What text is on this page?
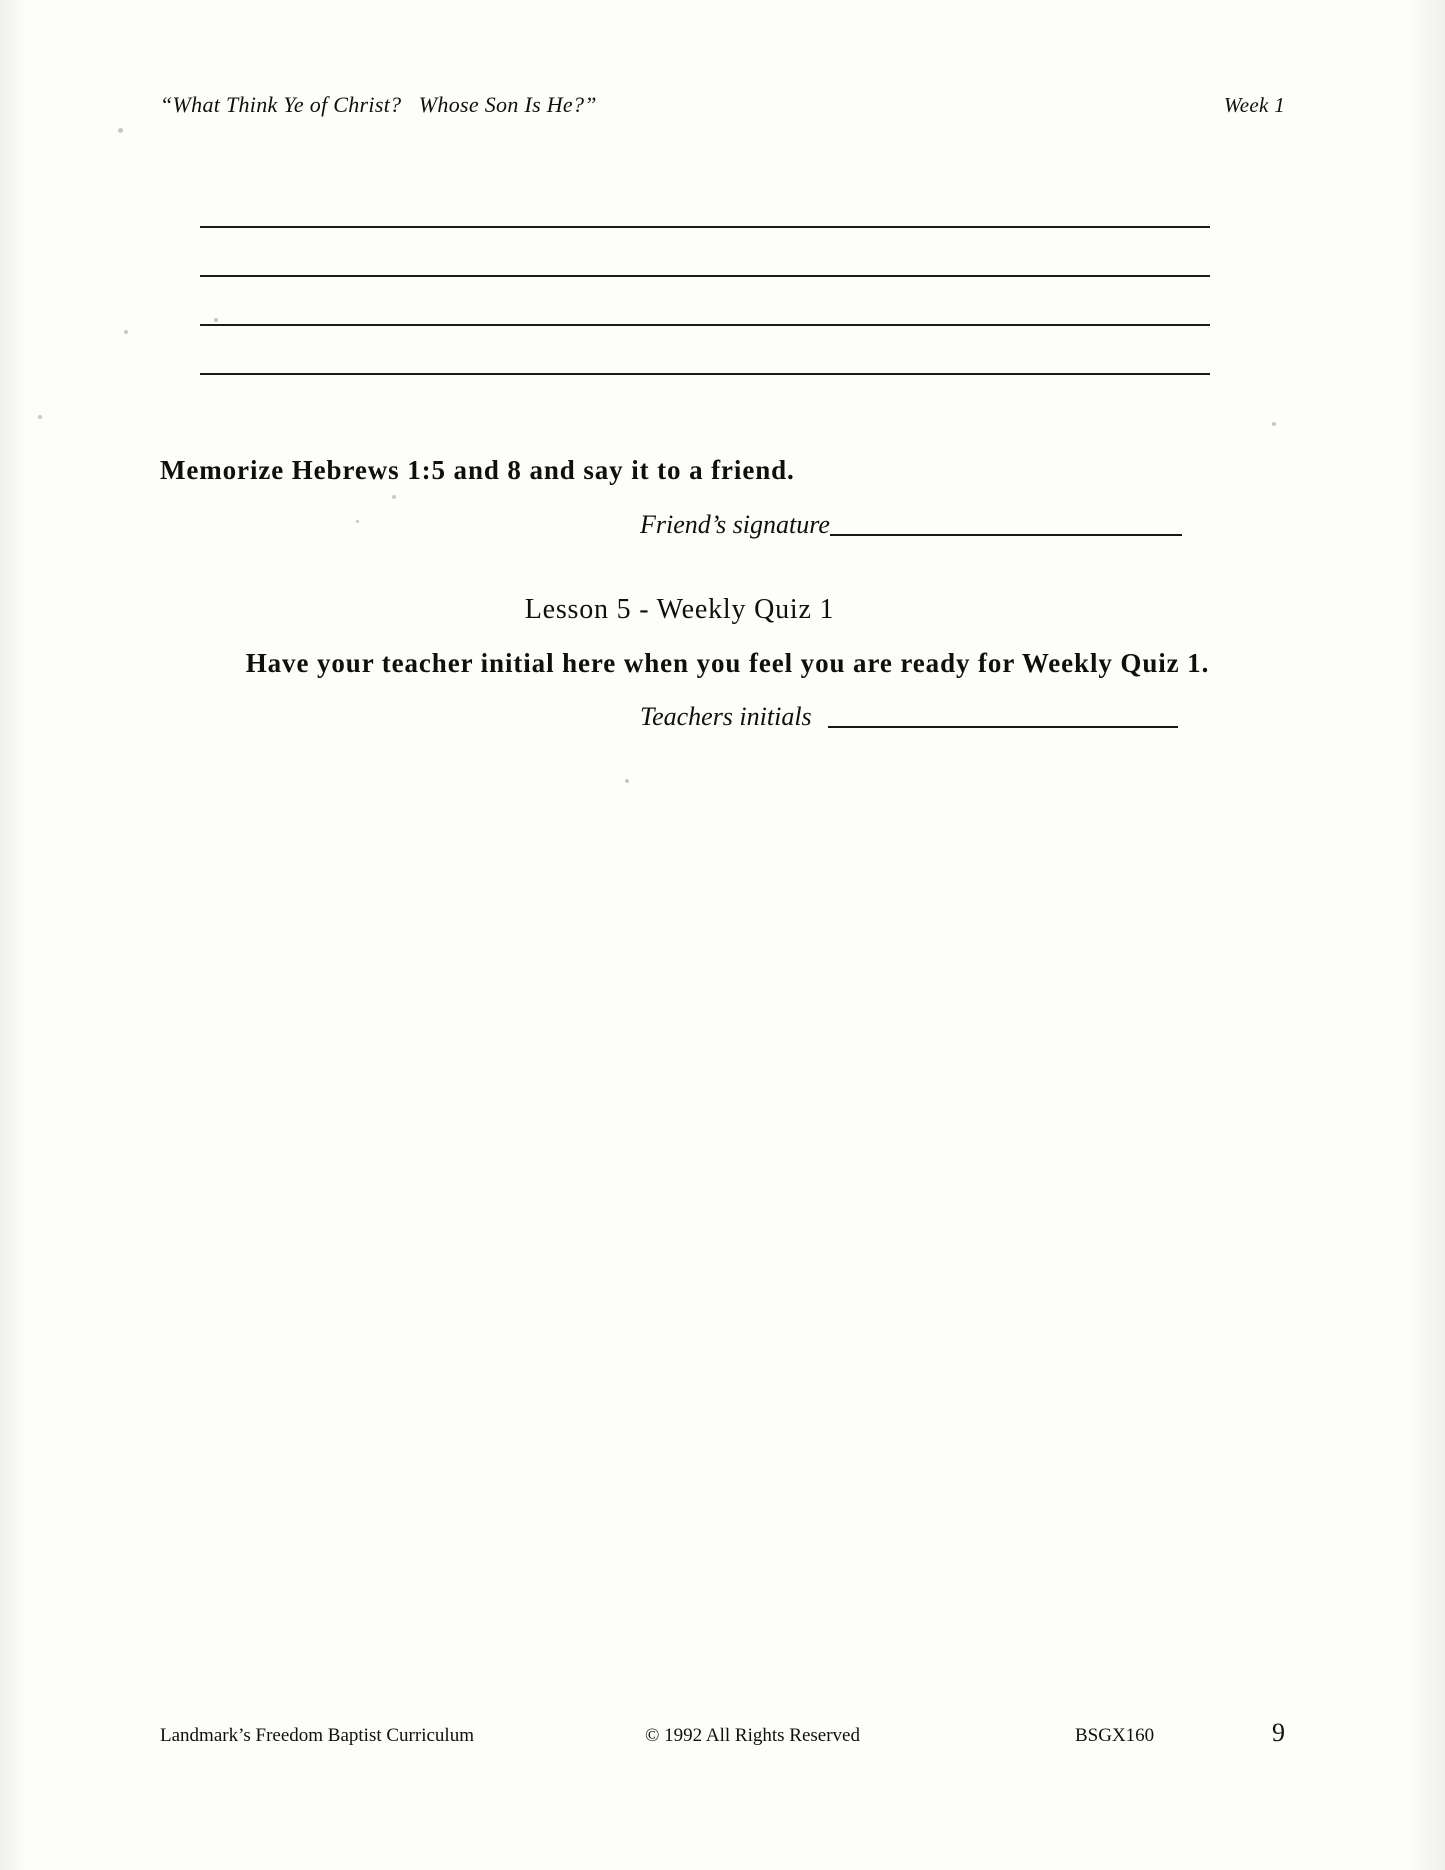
“What Think Ye of Christ?   Whose Son Is He?”	Week 1
Memorize Hebrews 1:5 and 8 and say it to a friend.
Friend’s signature
Lesson 5 - Weekly Quiz 1
Have your teacher initial here when you feel you are ready for Weekly Quiz 1.
Teachers initials
Landmark’s Freedom Baptist Curriculum	© 1992 All Rights Reserved	BSGX160	9
